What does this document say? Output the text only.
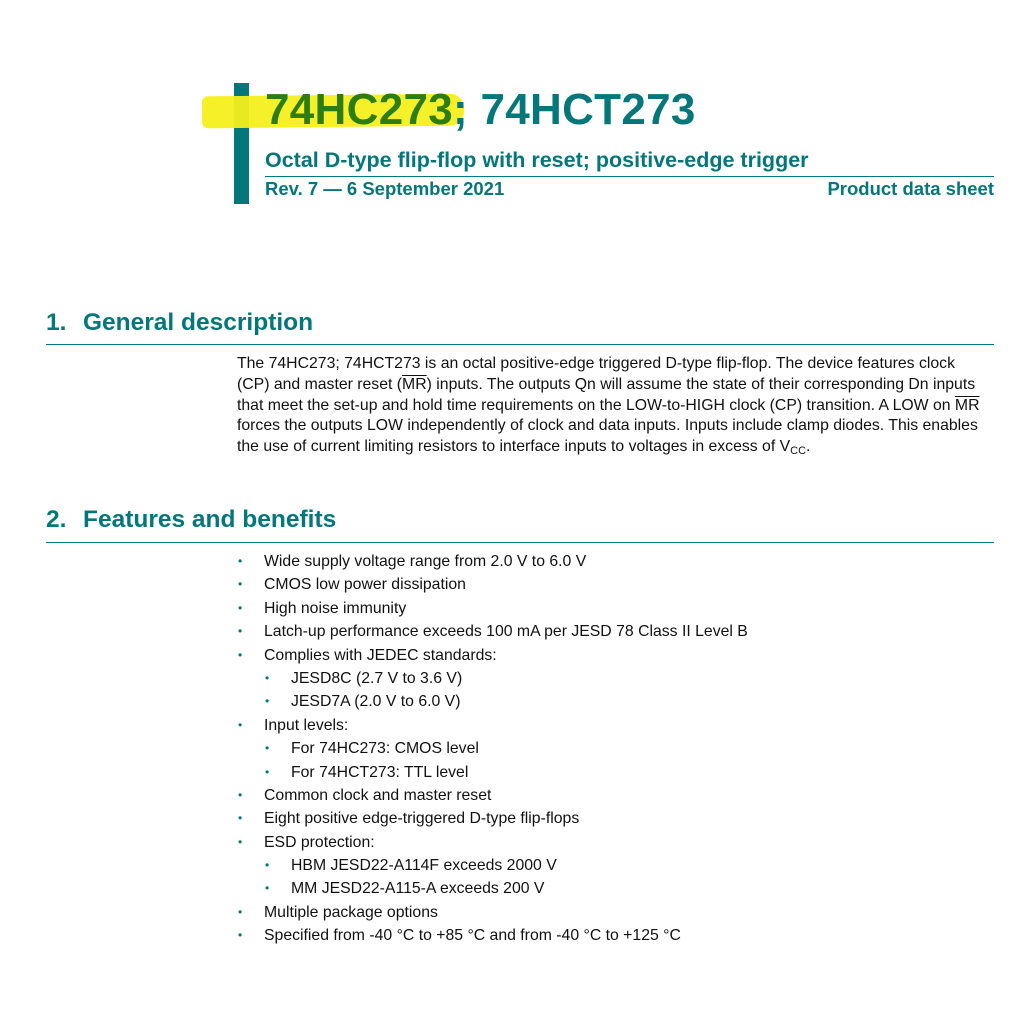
74HC273; 74HCT273
Octal D-type flip-flop with reset; positive-edge trigger
Rev. 7 — 6 September 2021	Product data sheet
1. General description

The 74HC273; 74HCT273 is an octal positive-edge triggered D-type flip-flop. The device features clock (CP) and master reset $(\overline{MR})$ inputs. The outputs Qn will assume the state of their corresponding Dn inputs that meet the set-up and hold time requirements on the LOW-to-HIGH clock (CP) transition. A LOW on $\overline{MR}$ forces the outputs LOW independently of clock and data inputs. Inputs include clamp diodes. This enables the use of current limiting resistors to interface inputs to voltages in excess of $V_{CC}$.

2. Features and benefits
• Wide supply voltage range from 2.0 V to 6.0 V
• CMOS low power dissipation
• High noise immunity
• Latch-up performance exceeds 100 mA per JESD 78 Class II Level B
• Complies with JEDEC standards:
• JESD8C (2.7 V to 3.6 V)
• JESD7A (2.0 V to 6.0 V)
• Input levels:
• For 74HC273: CMOS level
• For 74HCT273: TTL level
• Common clock and master reset
• Eight positive edge-triggered D-type flip-flops
• ESD protection:
• HBM JESD22-A114F exceeds 2000 V
• MM JESD22-A115-A exceeds 200 V
• Multiple package options
• Specified from -40 °C to +85 °C and from -40 °C to +125 °C
